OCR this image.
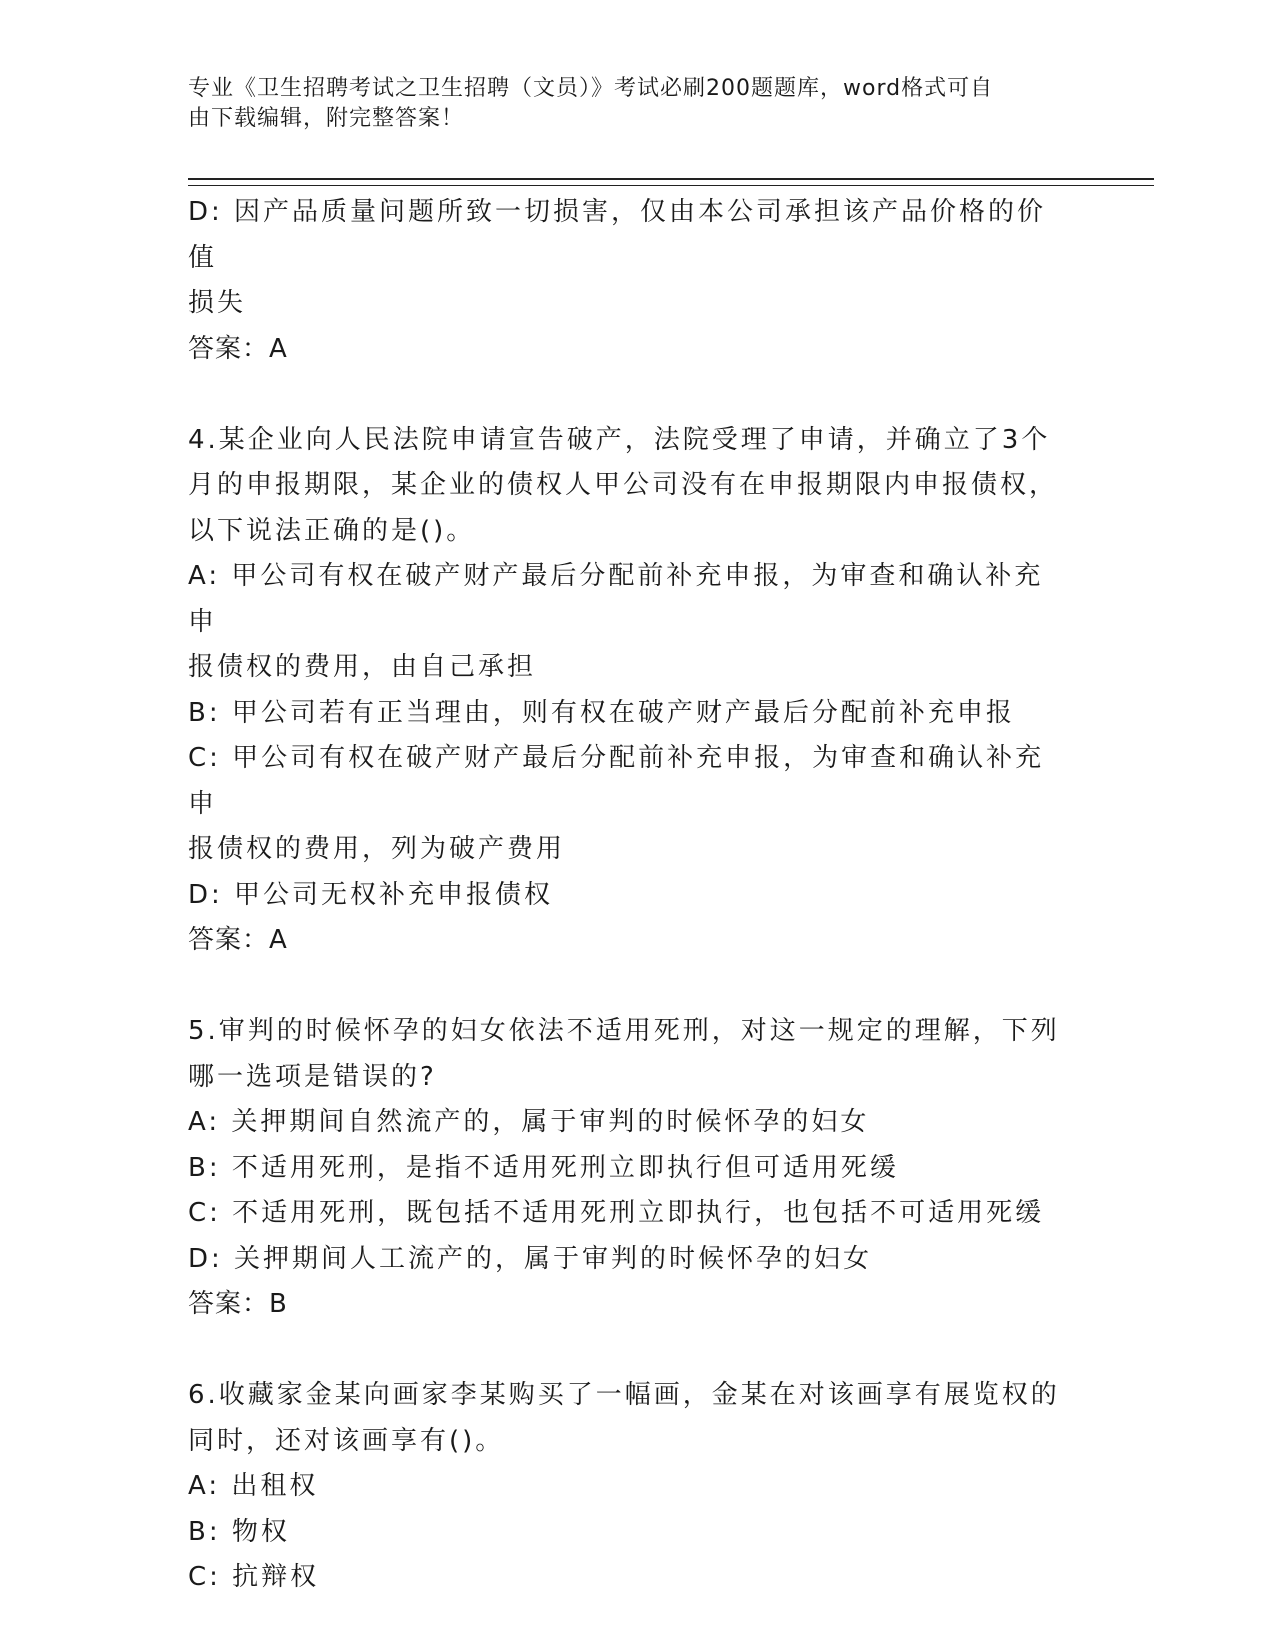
专业《卫生招聘考试之卫生招聘（文员）》考试必刷200题题库，word格式可自
由下载编辑，附完整答案！
D: 因产品质量问题所致一切损害，仅由本公司承担该产品价格的价值
损失
答案：A
4.某企业向人民法院申请宣告破产，法院受理了申请，并确立了3个
月的申报期限，某企业的债权人甲公司没有在申报期限内申报债权，
以下说法正确的是()。
A: 甲公司有权在破产财产最后分配前补充申报，为审查和确认补充申
报债权的费用，由自己承担
B: 甲公司若有正当理由，则有权在破产财产最后分配前补充申报
C: 甲公司有权在破产财产最后分配前补充申报，为审查和确认补充申
报债权的费用，列为破产费用
D: 甲公司无权补充申报债权
答案：A
5.审判的时候怀孕的妇女依法不适用死刑，对这一规定的理解，下列
哪一选项是错误的?
A: 关押期间自然流产的，属于审判的时候怀孕的妇女
B: 不适用死刑，是指不适用死刑立即执行但可适用死缓
C: 不适用死刑，既包括不适用死刑立即执行，也包括不可适用死缓
D: 关押期间人工流产的，属于审判的时候怀孕的妇女
答案：B
6.收藏家金某向画家李某购买了一幅画，金某在对该画享有展览权的
同时，还对该画享有()。
A: 出租权
B: 物权
C: 抗辩权
